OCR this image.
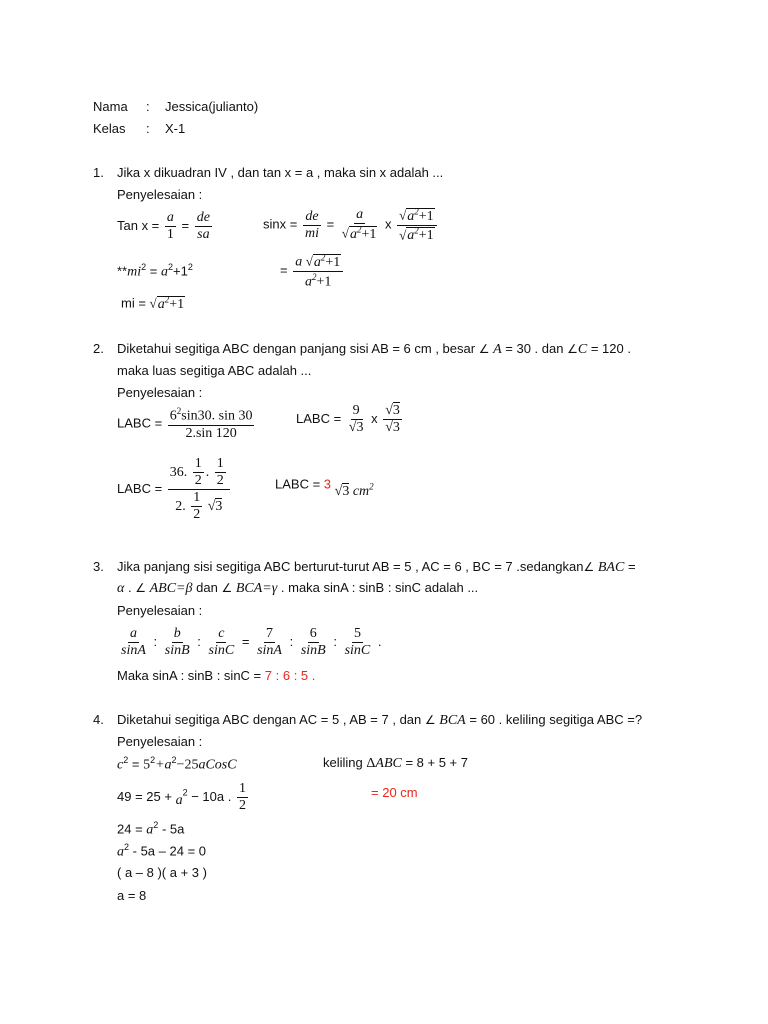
Nama : Jessica(julianto)
Kelas : X-1
1. Jika x dikuadran IV , dan tan x = a , maka sin x adalah ...
Penyelesaian :
Tan $x = \frac{a}{1} = \frac{de}{sa}$	$\sin x = \frac{de}{mi} = \frac{a}{√a^2+1}$ x $\frac{√a^2+1}{√a^2+1}$
$**mi^2 = a^2+1^2$	= $\frac{a √a^2+1}{a^2+1}$
mi = $√a^2+1$
2. Diketahui segitiga ABC dengan panjang sisi AB = 6 cm , besar ∠ A = 30 . dan ∠C = 120 .
maka luas segitiga ABC adalah ...
Penyelesaian :
LABC = $\frac{6^2\sin 30. \sin 30}{2.\sin 120}$	LABC = $\frac{9}{√3}$ x $\frac{√3}{√3}$
LABC = $\frac{36. \frac{1}{2} . \frac{1}{2}}{2. \frac{1}{2} √3}$	LABC = 3 √3 $cm^2$
3. Jika panjang sisi segitiga ABC berturut-turut AB = 5 , AC = 6 , BC = 7 .sedangkan∠ BAC =
α . ∠ ABC=β dan ∠ BCA=γ . maka sinA : sinB : sinC adalah ...
Penyelesaian :
$\frac{a}{\sin A}$ : $\frac{b}{\sin B}$ : $\frac{c}{\sin C} = \frac{7}{\sin A}$ : $\frac{6}{\sin B}$ : $\frac{5}{\sin C}$ .
Maka sinA : sinB : sinC = 7 : 6 : 5 .
4. Diketahui segitiga ABC dengan AC = 5 , AB = 7 , dan ∠ BCA = 60 . keliling segitiga ABC =?
Penyelesaian :
$c^2$ = $5^2+a^2-25aCosC$	keliling ΔABC = 8 + 5 + 7
$49 = 25 + a^2 - 10a$ . $\frac{1}{2}$	= 20 cm
$24 = a^2 - 5a$
$a^2 - 5a - 24 = 0$
( a – 8 )( a + 3 )
a = 8
